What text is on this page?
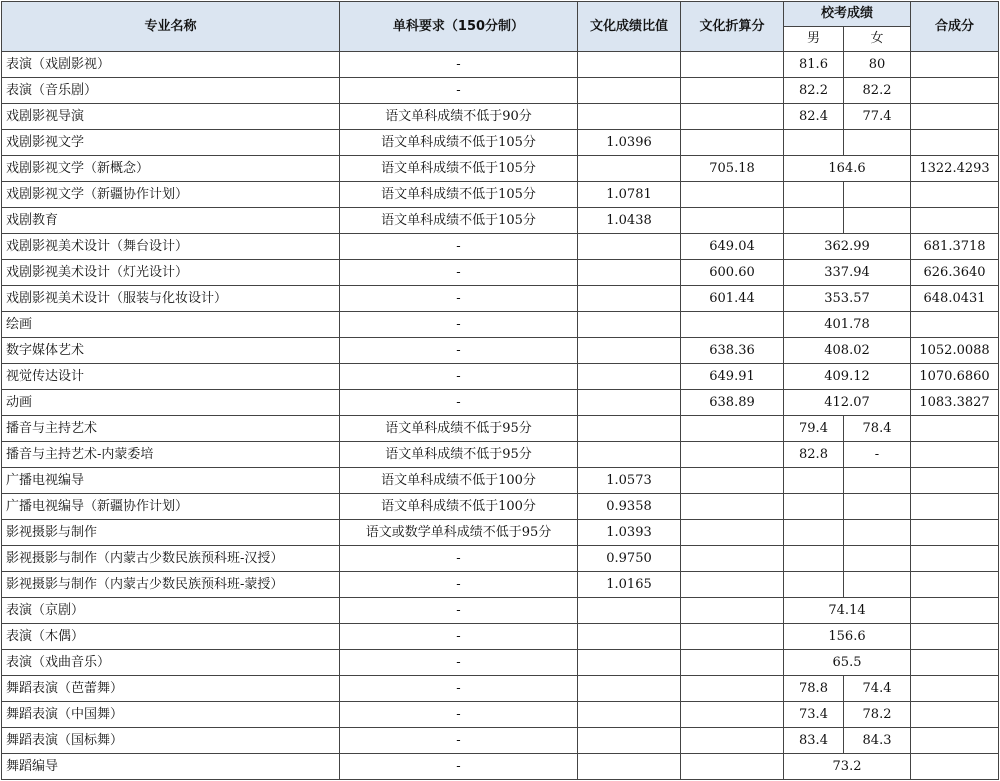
专业名称	单科要求（150分制）	文化成绩比值	文化折算分	校考成绩		合成分
				男	女	
表演（戏剧影视）	-			81.6	80	
表演（音乐剧）	-			82.2	82.2	
戏剧影视导演	语文单科成绩不低于90分			82.4	77.4	
戏剧影视文学	语文单科成绩不低于105分	1.0396				
戏剧影视文学（新概念）	语文单科成绩不低于105分		705.18	164.6		1322.4293
戏剧影视文学（新疆协作计划）	语文单科成绩不低于105分	1.0781				
戏剧教育	语文单科成绩不低于105分	1.0438				
戏剧影视美术设计（舞台设计）	-		649.04	362.99		681.3718
戏剧影视美术设计（灯光设计）	-		600.60	337.94		626.3640
戏剧影视美术设计（服装与化妆设计）	-		601.44	353.57		648.0431
绘画	-			401.78		
数字媒体艺术	-		638.36	408.02		1052.0088
视觉传达设计	-		649.91	409.12		1070.6860
动画	-		638.89	412.07		1083.3827
播音与主持艺术	语文单科成绩不低于95分			79.4	78.4	
播音与主持艺术-内蒙委培	语文单科成绩不低于95分			82.8	-	
广播电视编导	语文单科成绩不低于100分	1.0573				
广播电视编导（新疆协作计划）	语文单科成绩不低于100分	0.9358				
影视摄影与制作	语文或数学单科成绩不低于95分	1.0393				
影视摄影与制作（内蒙古少数民族预科班-汉授）	-	0.9750				
影视摄影与制作（内蒙古少数民族预科班-蒙授）	-	1.0165				
表演（京剧）	-			74.14		
表演（木偶）	-			156.6		
表演（戏曲音乐）	-			65.5		
舞蹈表演（芭蕾舞）	-			78.8	74.4	
舞蹈表演（中国舞）	-			73.4	78.2	
舞蹈表演（国标舞）	-			83.4	84.3	
舞蹈编导	-			73.2		
